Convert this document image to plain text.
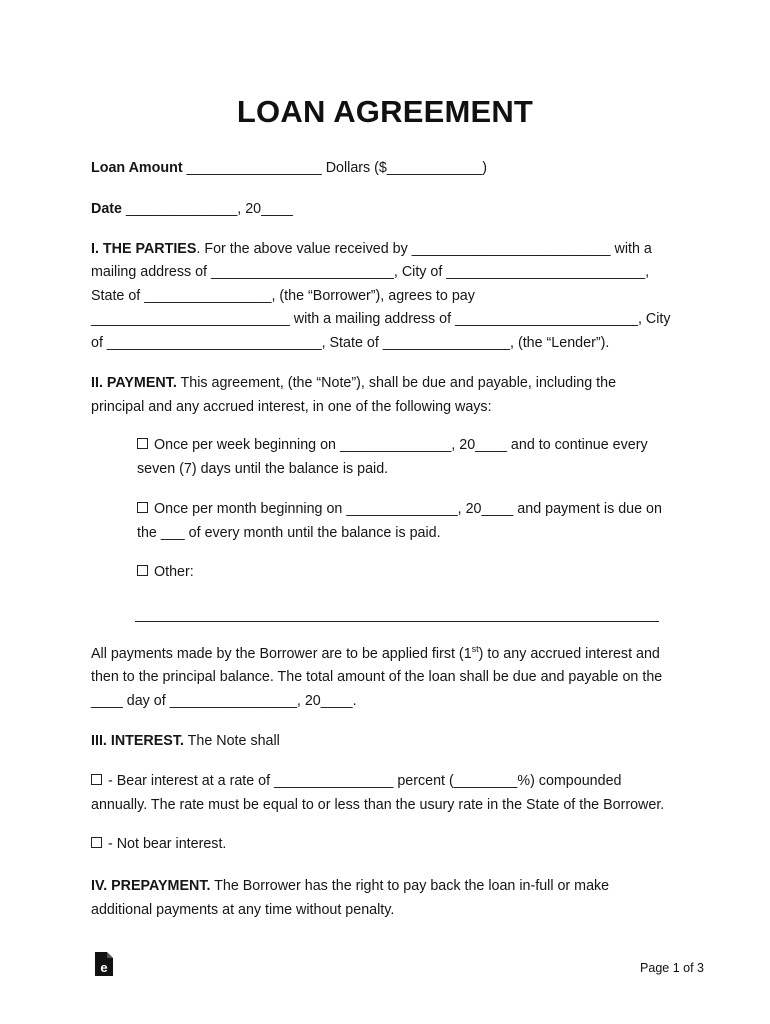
LOAN AGREEMENT
Loan Amount _________________ Dollars ($____________)
Date ______________, 20____
I. THE PARTIES. For the above value received by _________________________ with a
mailing address of _______________________, City of _________________________,
State of ________________, (the “Borrower”), agrees to pay
_________________________ with a mailing address of _______________________, City
of ___________________________, State of ________________, (the “Lender”).
II. PAYMENT. This agreement, (the “Note”), shall be due and payable, including the
principal and any accrued interest, in one of the following ways:
Once per week beginning on ______________, 20____ and to continue every
seven (7) days until the balance is paid.
Once per month beginning on ______________, 20____ and payment is due on
the ___ of every month until the balance is paid.
Other:
All payments made by the Borrower are to be applied first (1st) to any accrued interest and
then to the principal balance. The total amount of the loan shall be due and payable on the
____ day of ________________, 20____.
III. INTEREST. The Note shall
- Bear interest at a rate of _______________ percent (________%) compounded
annually. The rate must be equal to or less than the usury rate in the State of the Borrower.
- Not bear interest.
IV. PREPAYMENT. The Borrower has the right to pay back the loan in-full or make
additional payments at any time without penalty.
e	Page 1 of 3
